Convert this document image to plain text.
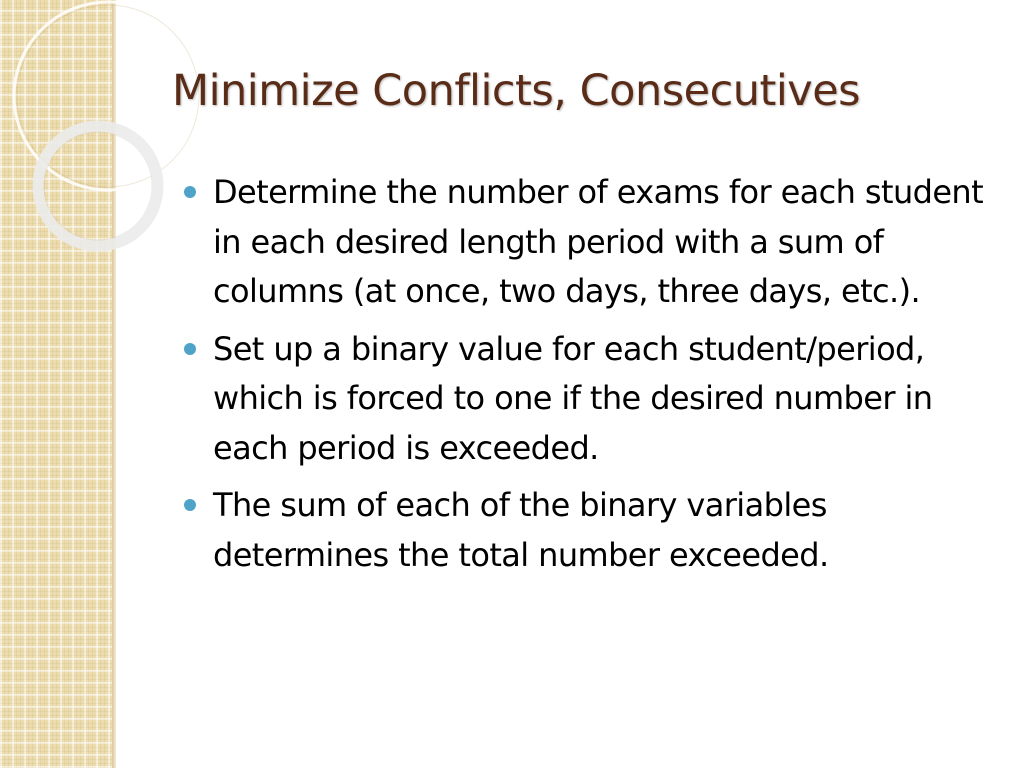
Minimize Conflicts, Consecutives
Determine the number of exams for each student in each desired length period with a sum of columns (at once, two days, three days, etc.).
Set up a binary value for each student/period, which is forced to one if the desired number in each period is exceeded.
The sum of each of the binary variables determines the total number exceeded.
